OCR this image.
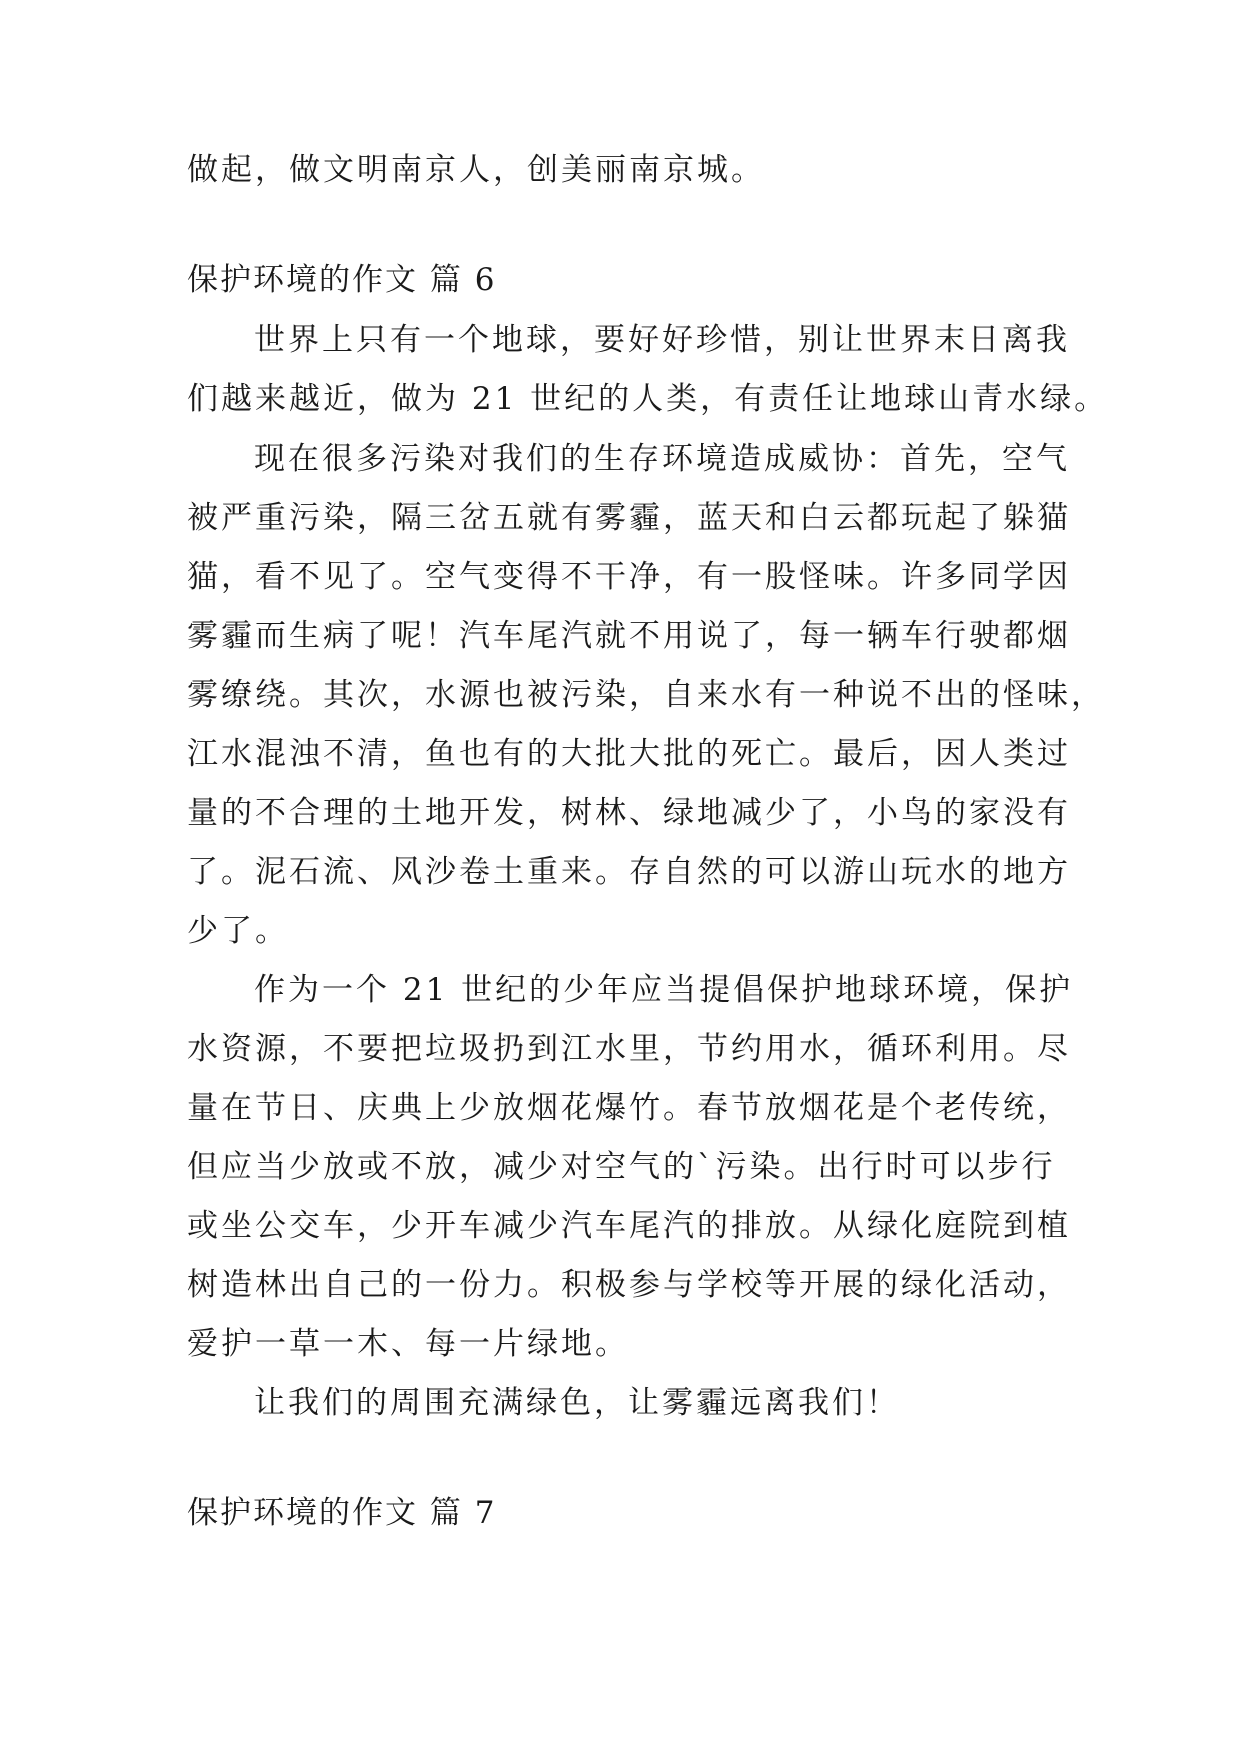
做起，做文明南京人，创美丽南京城。
保护环境的作文 篇 6
世界上只有一个地球，要好好珍惜，别让世界末日离我
们越来越近，做为 21 世纪的人类，有责任让地球山青水绿。
现在很多污染对我们的生存环境造成威协：首先，空气
被严重污染，隔三岔五就有雾霾，蓝天和白云都玩起了躲猫
猫，看不见了。空气变得不干净，有一股怪味。许多同学因
雾霾而生病了呢！汽车尾汽就不用说了，每一辆车行驶都烟
雾缭绕。其次，水源也被污染，自来水有一种说不出的怪味，
江水混浊不清，鱼也有的大批大批的死亡。最后，因人类过
量的不合理的土地开发，树林、绿地减少了，小鸟的家没有
了。泥石流、风沙卷土重来。存自然的可以游山玩水的地方
少了。
作为一个 21 世纪的少年应当提倡保护地球环境，保护
水资源，不要把垃圾扔到江水里，节约用水，循环利用。尽
量在节日、庆典上少放烟花爆竹。春节放烟花是个老传统，
但应当少放或不放，减少对空气的`污染。出行时可以步行
或坐公交车，少开车减少汽车尾汽的排放。从绿化庭院到植
树造林出自己的一份力。积极参与学校等开展的绿化活动，
爱护一草一木、每一片绿地。
让我们的周围充满绿色，让雾霾远离我们！
保护环境的作文 篇 7
